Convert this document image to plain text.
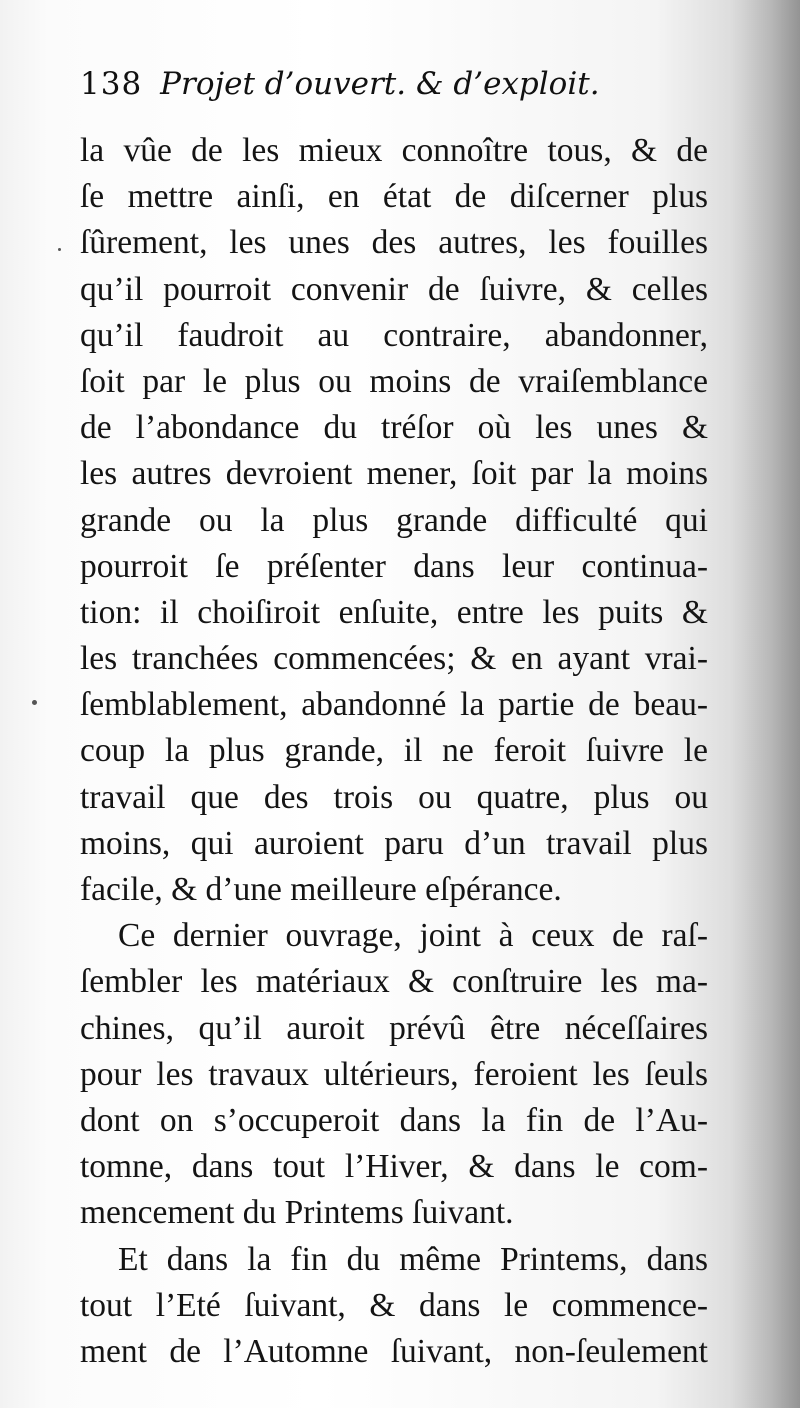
138 Projet d’ouvert. & d’exploit.
la vûe de les mieux connoître tous, & de
ſe mettre ainſi, en état de diſcerner plus
ſûrement, les unes des autres, les fouilles
qu’il pourroit convenir de ſuivre, & celles
qu’il faudroit au contraire, abandonner,
ſoit par le plus ou moins de vraiſemblance
de l’abondance du tréſor où les unes &
les autres devroient mener, ſoit par la moins
grande ou la plus grande difficulté qui
pourroit ſe préſenter dans leur continua-
tion: il choiſiroit enſuite, entre les puits &
les tranchées commencées; & en ayant vrai-
ſemblablement, abandonné la partie de beau-
coup la plus grande, il ne feroit ſuivre le
travail que des trois ou quatre, plus ou
moins, qui auroient paru d’un travail plus
facile, & d’une meilleure eſpérance.
Ce dernier ouvrage, joint à ceux de raſ-
ſembler les matériaux & conſtruire les ma-
chines, qu’il auroit prévû être néceſſaires
pour les travaux ultérieurs, feroient les ſeuls
dont on s’occuperoit dans la fin de l’Au-
tomne, dans tout l’Hiver, & dans le com-
mencement du Printems ſuivant.
Et dans la fin du même Printems, dans
tout l’Eté ſuivant, & dans le commence-
ment de l’Automne ſuivant, non-ſeulement
